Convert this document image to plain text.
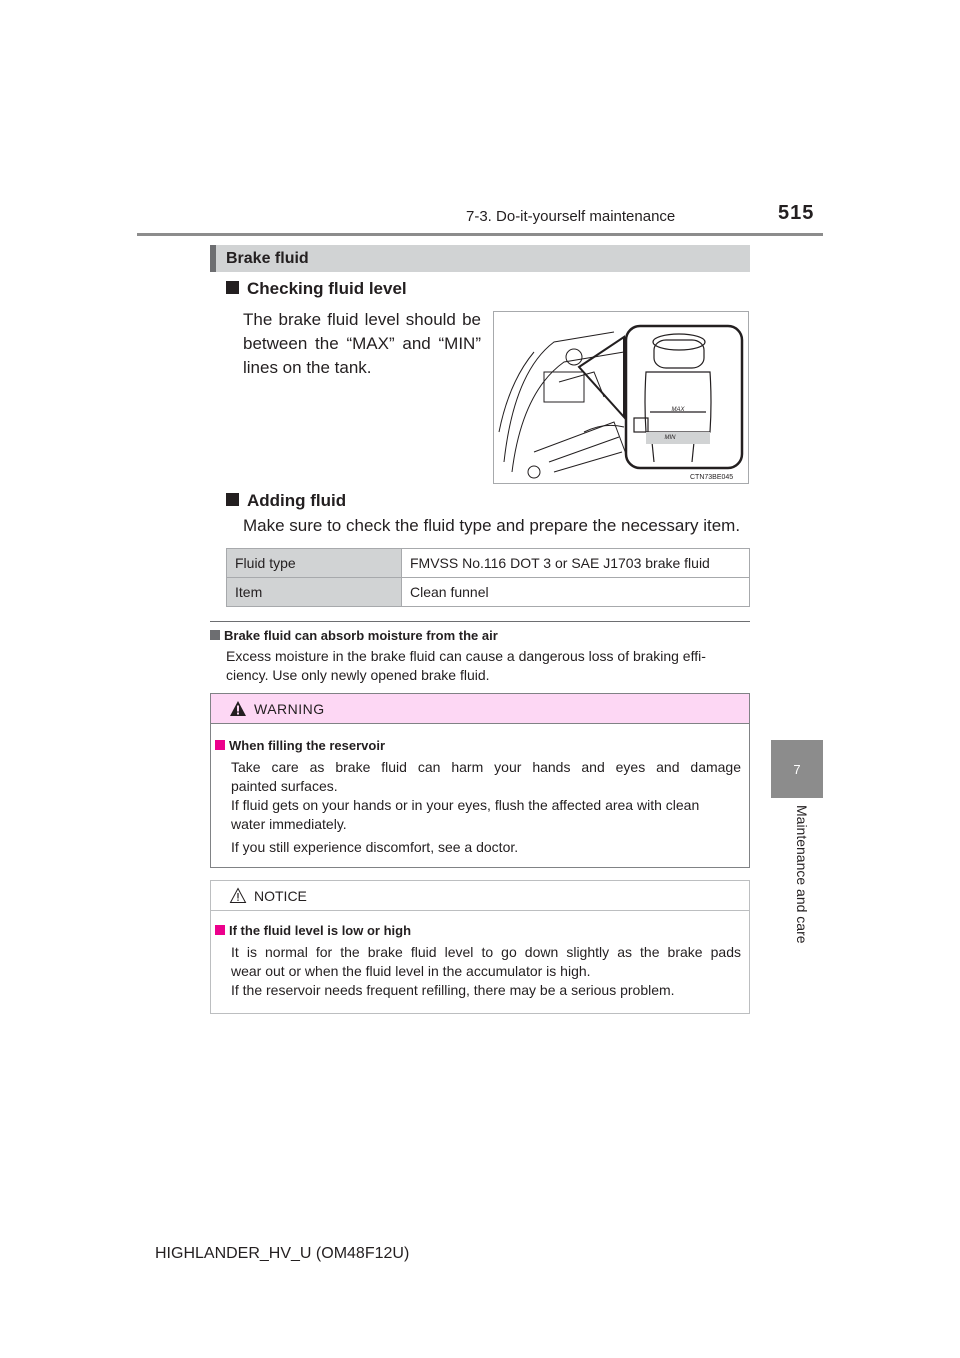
7-3. Do-it-yourself maintenance	515
7
Maintenance and care
Brake fluid
Checking fluid level
The brake fluid level should be
between the “MAX” and “MIN”
lines on the tank.
MAX
MIN
CTN73BE045
Adding fluid
Make sure to check the fluid type and prepare the necessary item.
Fluid type	FMVSS No.116 DOT 3 or SAE J1703 brake fluid
Item	Clean funnel
Brake fluid can absorb moisture from the air
Excess moisture in the brake fluid can cause a dangerous loss of braking effi-
ciency. Use only newly opened brake fluid.
WARNING
When filling the reservoir
Take care as brake fluid can harm your hands and eyes and damage
painted surfaces.
If fluid gets on your hands or in your eyes, flush the affected area with clean
water immediately.
If you still experience discomfort, see a doctor.
NOTICE
If the fluid level is low or high
It is normal for the brake fluid level to go down slightly as the brake pads
wear out or when the fluid level in the accumulator is high.
If the reservoir needs frequent refilling, there may be a serious problem.
HIGHLANDER_HV_U (OM48F12U)
